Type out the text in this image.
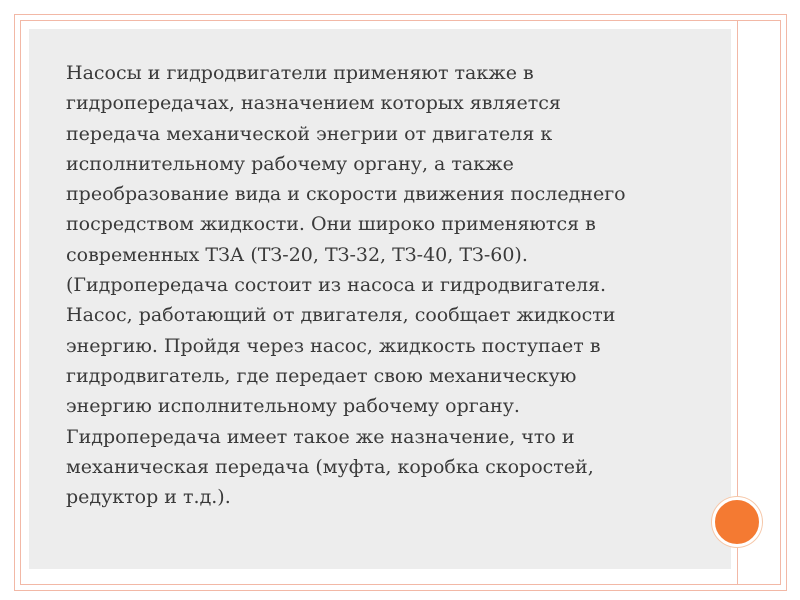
Насосы и гидродвигатели применяют также в
гидропередачах, назначением которых является
передача механической энегрии от двигателя к
исполнительному рабочему органу, а также
преобразование вида и скорости движения последнего
посредством жидкости. Они широко применяются в
современных ТЗА (ТЗ-20, ТЗ-32, ТЗ-40, ТЗ-60).
(Гидропередача состоит из насоса и гидродвигателя.
Насос, работающий от двигателя, сообщает жидкости
энергию. Пройдя через насос, жидкость поступает в
гидродвигатель, где передает свою механическую
энергию исполнительному рабочему органу.
Гидропередача имеет такое же назначение, что и
механическая передача (муфта, коробка скоростей,
редуктор и т.д.).
